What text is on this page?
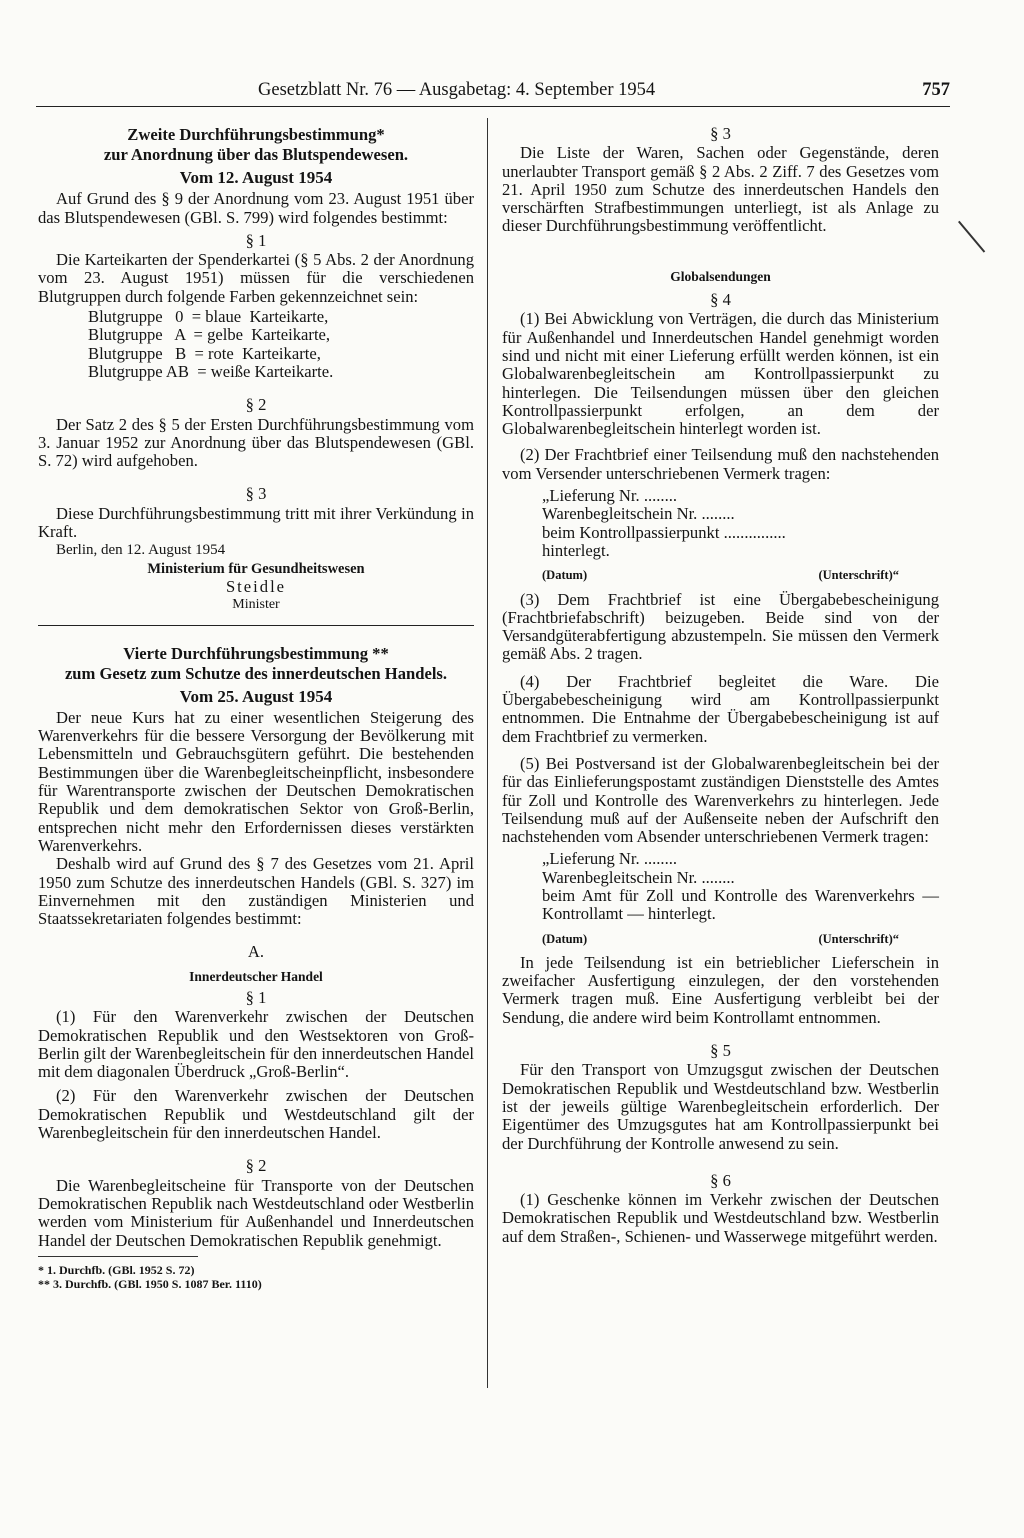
Gesetzblatt Nr. 76 — Ausgabetag: 4. September 1954	757
Zweite Durchführungsbestimmung*
zur Anordnung über das Blutspendewesen.
Vom 12. August 1954

Auf Grund des § 9 der Anordnung vom 23. August 1951 über das Blutspendewesen (GBl. S. 799) wird folgendes bestimmt:

§ 1

Die Karteikarten der Spenderkartei (§ 5 Abs. 2 der Anordnung vom 23. August 1951) müssen für die verschiedenen Blutgruppen durch folgende Farben gekennzeichnet sein:

Blutgruppe   0  = blaue  Karteikarte,
Blutgruppe   A  = gelbe  Karteikarte,
Blutgruppe   B  = rote  Karteikarte,
Blutgruppe AB  = weiße Karteikarte.
§ 2

Der Satz 2 des § 5 der Ersten Durchführungsbestimmung vom 3. Januar 1952 zur Anordnung über das Blutspendewesen (GBl. S. 72) wird aufgehoben.

§ 3

Diese Durchführungsbestimmung tritt mit ihrer Verkündung in Kraft.

Berlin, den 12. August 1954

Ministerium für Gesundheitswesen
Steidle
Minister
Vierte Durchführungsbestimmung **
zum Gesetz zum Schutze des innerdeutschen Handels.
Vom 25. August 1954

Der neue Kurs hat zu einer wesentlichen Steigerung des Warenverkehrs für die bessere Versorgung der Bevölkerung mit Lebensmitteln und Gebrauchsgütern geführt. Die bestehenden Bestimmungen über die Warenbegleitscheinpflicht, insbesondere für Warentransporte zwischen der Deutschen Demokratischen Republik und dem demokratischen Sektor von Groß-Berlin, entsprechen nicht mehr den Erfordernissen dieses verstärkten Warenverkehrs.

Deshalb wird auf Grund des § 7 des Gesetzes vom 21. April 1950 zum Schutze des innerdeutschen Handels (GBl. S. 327) im Einvernehmen mit den zuständigen Ministerien und Staatssekretariaten folgendes bestimmt:

A.
Innerdeutscher Handel
§ 1

(1) Für den Warenverkehr zwischen der Deutschen Demokratischen Republik und den Westsektoren von Groß-Berlin gilt der Warenbegleitschein für den innerdeutschen Handel mit dem diagonalen Überdruck „Groß-Berlin“.

(2) Für den Warenverkehr zwischen der Deutschen Demokratischen Republik und Westdeutschland gilt der Warenbegleitschein für den innerdeutschen Handel.

§ 2

Die Warenbegleitscheine für Transporte von der Deutschen Demokratischen Republik nach Westdeutschland oder Westberlin werden vom Ministerium für Außenhandel und Innerdeutschen Handel der Deutschen Demokratischen Republik genehmigt.

* 1. Durchfb. (GBl. 1952 S. 72)
** 3. Durchfb. (GBl. 1950 S. 1087 Ber. 1110)
§ 3

Die Liste der Waren, Sachen oder Gegenstände, deren unerlaubter Transport gemäß § 2 Abs. 2 Ziff. 7 des Gesetzes vom 21. April 1950 zum Schutze des innerdeutschen Handels den verschärften Strafbestimmungen unterliegt, ist als Anlage zu dieser Durchführungsbestimmung veröffentlicht.

Globalsendungen
§ 4

(1) Bei Abwicklung von Verträgen, die durch das Ministerium für Außenhandel und Innerdeutschen Handel genehmigt worden sind und nicht mit einer Lieferung erfüllt werden können, ist ein Globalwarenbegleitschein am Kontrollpassierpunkt zu hinterlegen. Die Teilsendungen müssen über den gleichen Kontrollpassierpunkt erfolgen, an dem der Globalwarenbegleitschein hinterlegt worden ist.

(2) Der Frachtbrief einer Teilsendung muß den nachstehenden vom Versender unterschriebenen Vermerk tragen:

„Lieferung Nr. ........

Warenbegleitschein Nr. ........

beim Kontrollpassierpunkt ...............

hinterlegt.

(Datum)	(Unterschrift)“

(3) Dem Frachtbrief ist eine Übergabebescheinigung (Frachtbriefabschrift) beizugeben. Beide sind von der Versandgüterabfertigung abzustempeln. Sie müssen den Vermerk gemäß Abs. 2 tragen.

(4) Der Frachtbrief begleitet die Ware. Die Übergabebescheinigung wird am Kontrollpassierpunkt entnommen. Die Entnahme der Übergabebescheinigung ist auf dem Frachtbrief zu vermerken.

(5) Bei Postversand ist der Globalwarenbegleitschein bei der für das Einlieferungspostamt zuständigen Dienststelle des Amtes für Zoll und Kontrolle des Warenverkehrs zu hinterlegen. Jede Teilsendung muß auf der Außenseite neben der Aufschrift den nachstehenden vom Absender unterschriebenen Vermerk tragen:

„Lieferung Nr. ........

Warenbegleitschein Nr. ........

beim Amt für Zoll und Kontrolle des Warenverkehrs — Kontrollamt — hinterlegt.

(Datum)	(Unterschrift)“

In jede Teilsendung ist ein betrieblicher Lieferschein in zweifacher Ausfertigung einzulegen, der den vorstehenden Vermerk tragen muß. Eine Ausfertigung verbleibt bei der Sendung, die andere wird beim Kontrollamt entnommen.

§ 5

Für den Transport von Umzugsgut zwischen der Deutschen Demokratischen Republik und Westdeutschland bzw. Westberlin ist der jeweils gültige Warenbegleitschein erforderlich. Der Eigentümer des Umzugsgutes hat am Kontrollpassierpunkt bei der Durchführung der Kontrolle anwesend zu sein.

§ 6

(1) Geschenke können im Verkehr zwischen der Deutschen Demokratischen Republik und Westdeutschland bzw. Westberlin auf dem Straßen-, Schienen- und Wasserwege mitgeführt werden.
